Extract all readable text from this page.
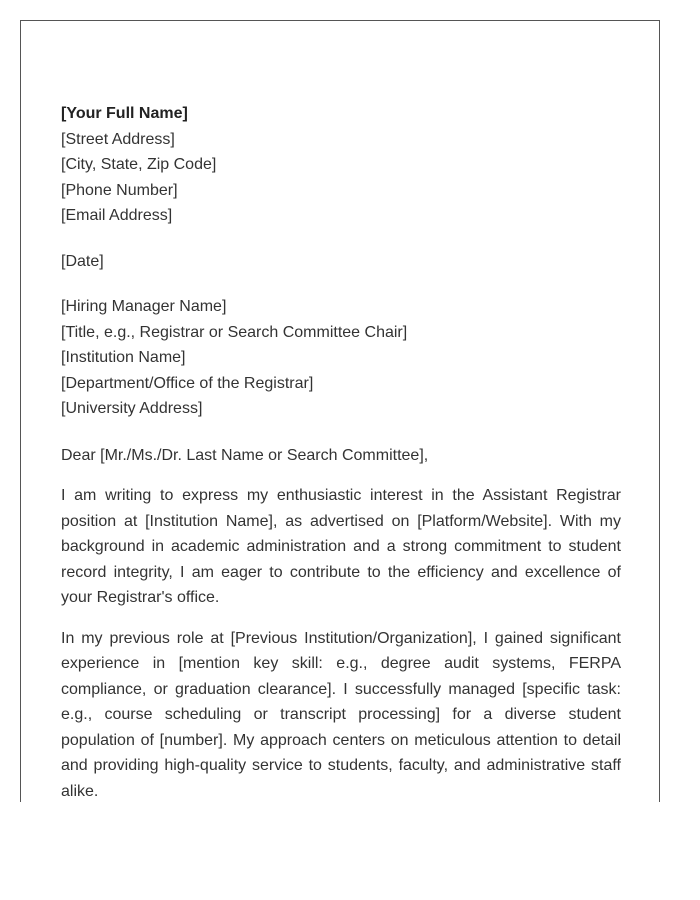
[Your Full Name]
[Street Address]
[City, State, Zip Code]
[Phone Number]
[Email Address]
[Date]
[Hiring Manager Name]
[Title, e.g., Registrar or Search Committee Chair]
[Institution Name]
[Department/Office of the Registrar]
[University Address]
Dear [Mr./Ms./Dr. Last Name or Search Committee],

I am writing to express my enthusiastic interest in the Assistant Registrar position at [Institution Name], as advertised on [Platform/Website]. With my background in academic administration and a strong commitment to student record integrity, I am eager to contribute to the efficiency and excellence of your Registrar's office.

In my previous role at [Previous Institution/Organization], I gained significant experience in [mention key skill: e.g., degree audit systems, FERPA compliance, or graduation clearance]. I successfully managed [specific task: e.g., course scheduling or transcript processing] for a diverse student population of [number]. My approach centers on meticulous attention to detail and providing high-quality service to students, faculty, and administrative staff alike.
